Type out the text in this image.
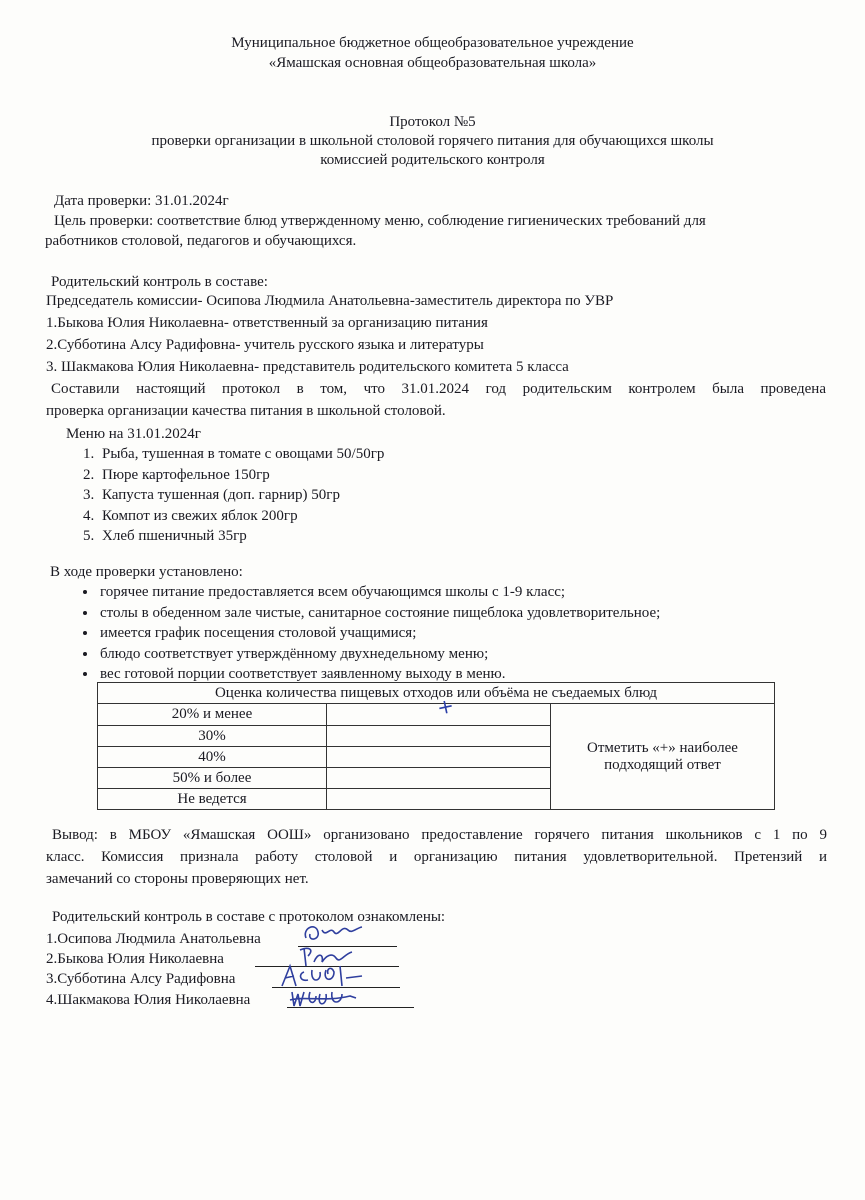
Муниципальное бюджетное общеобразовательное учреждение
«Ямашская основная общеобразовательная школа»
Протокол №5
проверки организации в школьной столовой горячего питания для обучающихся школы
комиссией родительского контроля
Дата проверки: 31.01.2024г
Цель проверки: соответствие блюд утвержденному меню, соблюдение гигиенических требований для
работников столовой, педагогов и обучающихся.
Родительский контроль в составе:
Председатель комиссии- Осипова Людмила Анатольевна-заместитель директора по УВР
1.Быкова Юлия Николаевна- ответственный за организацию питания
2.Субботина Алсу Радифовна- учитель русского языка и литературы
3. Шакмакова Юлия Николаевна- представитель родительского комитета 5 класса
Составили настоящий протокол в том, что 31.01.2024 год родительским контролем была проведена
проверка организации качества питания в школьной столовой.
Меню на 31.01.2024г
1. Рыба, тушенная в томате с овощами 50/50гр
2. Пюре картофельное 150гр
3. Капуста тушенная (доп. гарнир) 50гр
4. Компот из свежих яблок 200гр
5. Хлеб пшеничный 35гр
В ходе проверки установлено:
• горячее питание предоставляется всем обучающимся школы с 1-9 класс;
• столы в обеденном зале чистые, санитарное состояние пищеблока удовлетворительное;
• имеется график посещения столовой учащимися;
• блюдо соответствует утверждённому двухнедельному меню;
• вес готовой порции соответствует заявленному выходу в меню.
Оценка количества пищевых отходов или объёма не съедаемых блюд		
20% и менее	+	Отметить «+» наиболее подходящий ответ
30%		
40%		
50% и более		
Не ведется		
Вывод: в МБОУ «Ямашская ООШ» организовано предоставление горячего питания школьников с 1 по 9
класс. Комиссия признала работу столовой и организацию питания удовлетворительной. Претензий и
замечаний со стороны проверяющих нет.
Родительский контроль в составе с протоколом ознакомлены:
1.Осипова Людмила Анатольевна
2.Быкова Юлия Николаевна
3.Субботина Алсу Радифовна
4.Шакмакова Юлия Николаевна
